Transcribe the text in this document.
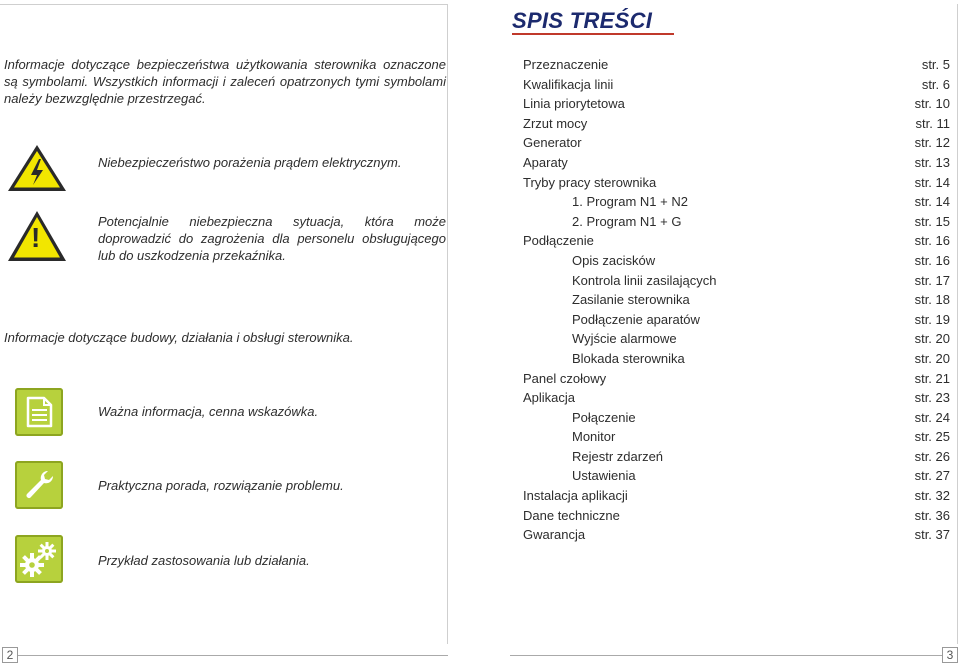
SPIS TREŚCI
Informacje dotyczące bezpieczeństwa użytkowania sterownika oznaczone są symbolami. Wszystkich informacji i zaleceń opatrzonych tymi symbolami należy bezwzględnie przestrzegać.
Niebezpieczeństwo porażenia prądem elektrycznym.
!
Potencjalnie niebezpieczna sytuacja, która może doprowadzić do zagrożenia dla personelu obsługującego lub do uszkodzenia przekaźnika.
Informacje dotyczące budowy, działania i obsługi sterownika.
Ważna informacja, cenna wskazówka.
Praktyczna porada, rozwiązanie problemu.
Przykład zastosowania lub działania.
Przeznaczenie	str. 5
Kwalifikacja linii	str. 6
Linia priorytetowa	str. 10
Zrzut mocy	str. 11
Generator	str. 12
Aparaty	str. 13
Tryby pracy sterownika	str. 14
1. Program N1 + N2	str. 14
2. Program N1 + G	str. 15
Podłączenie	str. 16
Opis zacisków	str. 16
Kontrola linii zasilających	str. 17
Zasilanie sterownika	str. 18
Podłączenie aparatów	str. 19
Wyjście alarmowe	str. 20
Blokada sterownika	str. 20
Panel czołowy	str. 21
Aplikacja	str. 23
Połączenie	str. 24
Monitor	str. 25
Rejestr zdarzeń	str. 26
Ustawienia	str. 27
Instalacja aplikacji	str. 32
Dane techniczne	str. 36
Gwarancja	str. 37
2	3
